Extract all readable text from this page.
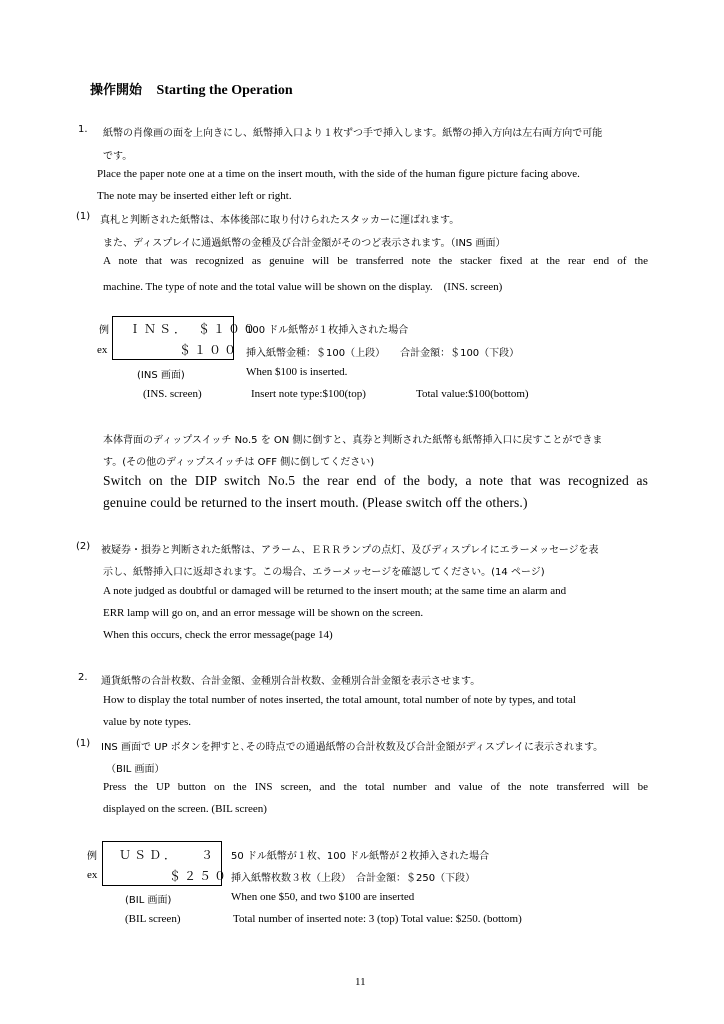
操作開始 Starting the Operation
1. 紙幣の肖像画の面を上向きにし、紙幣挿入口より１枚ずつ手で挿入します。紙幣の挿入方向は左右両方向で可能
です。
Place the paper note one at a time on the insert mouth, with the side of the human figure picture facing above.
The note may be inserted either left or right.
(1) 真札と判断された紙幣は、本体後部に取り付けられたスタッカーに運ばれます。
また、ディスプレイに通過紙幣の金種及び合計金額がそのつど表示されます。（INS 画面）
A note that was recognized as genuine will be transferred note the stacker fixed at the rear end of the
machine. The type of note and the total value will be shown on the display.　(INS. screen)
例
ex
ＩＮＳ．　＄１００
＄１００
100 ドル紙幣が１枚挿入された場合
挿入紙幣金種：＄100（上段）　　合計金額：＄100（下段）
(INS 画面)	When $100 is inserted.
(INS. screen)	Insert note type:$100(top)	Total value:$100(bottom)
本体背面のディップスイッチ No.5 を ON 側に倒すと、真券と判断された紙幣も紙幣挿入口に戻すことができま
す。(その他のディップスイッチは OFF 側に倒してください)
Switch on the DIP switch No.5 the rear end of the body, a note that was recognized as
genuine could be returned to the insert mouth. (Please switch off the others.)
(2) 被疑券・損券と判断された紙幣は、アラーム、ＥＲＲランプの点灯、及びディスプレイにエラーメッセージを表
示し、紙幣挿入口に返却されます。この場合、エラーメッセージを確認してください。(14 ページ)
A note judged as doubtful or damaged will be returned to the insert mouth; at the same time an alarm and
ERR lamp will go on, and an error message will be shown on the screen.
When this occurs, check the error message(page 14)
2. 通貨紙幣の合計枚数、合計金額、金種別合計枚数、金種別合計金額を表示させます。
How to display the total number of notes inserted, the total amount, total number of note by types, and total
value by note types.
(1) INS 画面で UP ボタンを押すと､その時点での通過紙幣の合計枚数及び合計金額がディスプレイに表示されます。
（BIL 画面）
Press the UP button on the INS screen, and the total number and value of the note transferred will be
displayed on the screen. (BIL screen)
例
ex
ＵＳＤ． ３
＄２５０
50 ドル紙幣が１枚、100 ドル紙幣が２枚挿入された場合
挿入紙幣枚数３枚（上段）　合計金額：＄250（下段）
(BIL 画面)	When one $50, and two $100 are inserted
(BIL screen)	Total number of inserted note: 3 (top) Total value: $250. (bottom)
11
